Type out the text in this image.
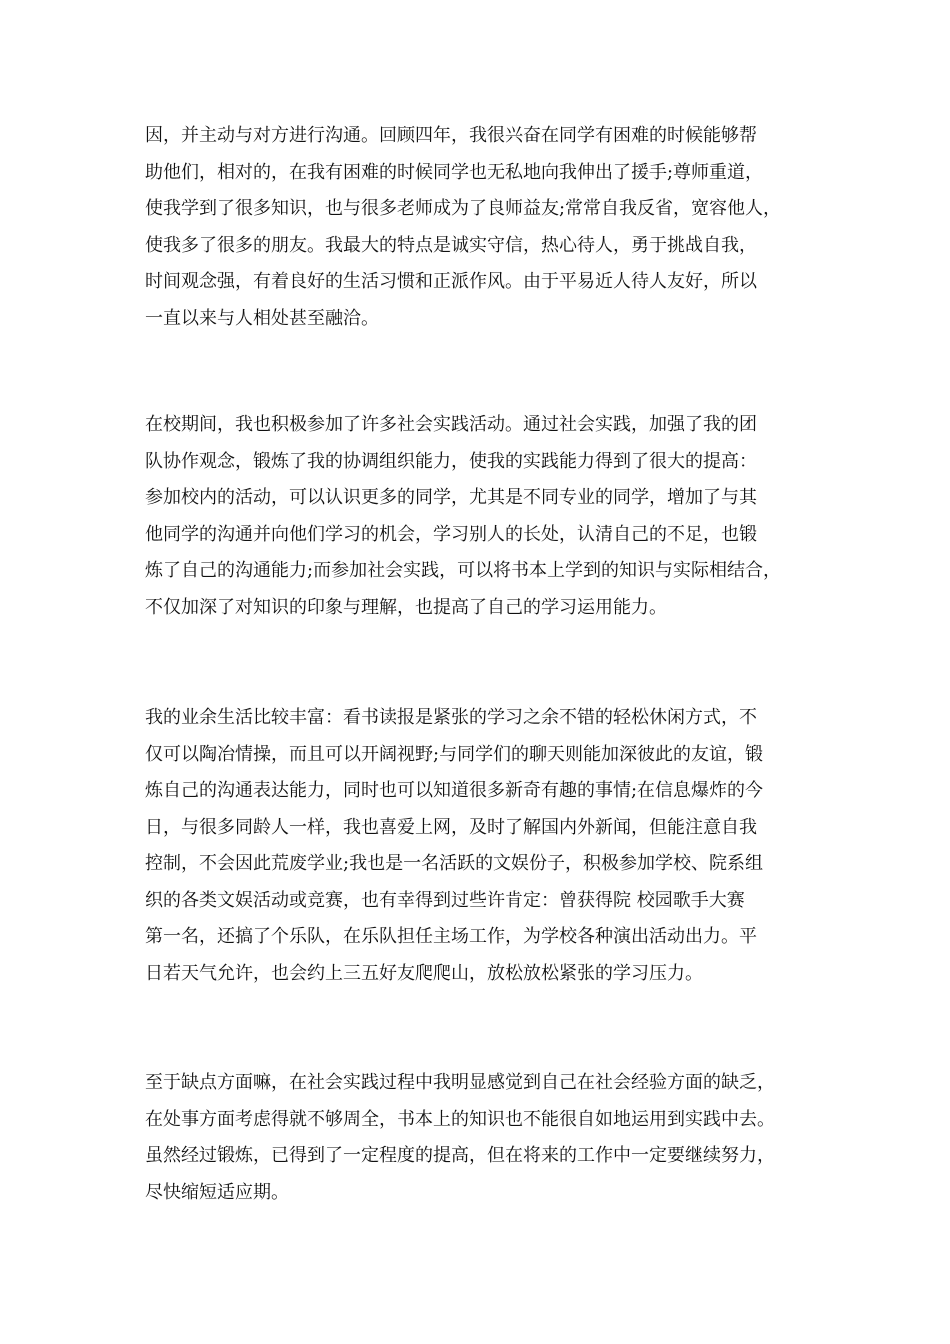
因，并主动与对方进行沟通。回顾四年，我很兴奋在同学有困难的时候能够帮
助他们，相对的，在我有困难的时候同学也无私地向我伸出了援手;尊师重道，
使我学到了很多知识，也与很多老师成为了良师益友;常常自我反省，宽容他人，
使我多了很多的朋友。我最大的特点是诚实守信，热心待人，勇于挑战自我，
时间观念强，有着良好的生活习惯和正派作风。由于平易近人待人友好，所以
一直以来与人相处甚至融洽。
在校期间，我也积极参加了许多社会实践活动。通过社会实践，加强了我的团
队协作观念，锻炼了我的协调组织能力，使我的实践能力得到了很大的提高：
参加校内的活动，可以认识更多的同学，尤其是不同专业的同学，增加了与其
他同学的沟通并向他们学习的机会，学习别人的长处，认清自己的不足，也锻
炼了自己的沟通能力;而参加社会实践，可以将书本上学到的知识与实际相结合，
不仅加深了对知识的印象与理解，也提高了自己的学习运用能力。
我的业余生活比较丰富：看书读报是紧张的学习之余不错的轻松休闲方式，不
仅可以陶冶情操，而且可以开阔视野;与同学们的聊天则能加深彼此的友谊，锻
炼自己的沟通表达能力，同时也可以知道很多新奇有趣的事情;在信息爆炸的今
日，与很多同龄人一样，我也喜爱上网，及时了解国内外新闻，但能注意自我
控制，不会因此荒废学业;我也是一名活跃的文娱份子，积极参加学校、院系组
织的各类文娱活动或竞赛，也有幸得到过些许肯定：曾获得院 校园歌手大赛
第一名，还搞了个乐队，在乐队担任主场工作，为学校各种演出活动出力。平
日若天气允许，也会约上三五好友爬爬山，放松放松紧张的学习压力。
至于缺点方面嘛，在社会实践过程中我明显感觉到自己在社会经验方面的缺乏，
在处事方面考虑得就不够周全，书本上的知识也不能很自如地运用到实践中去。
虽然经过锻炼，已得到了一定程度的提高，但在将来的工作中一定要继续努力，
尽快缩短适应期。
